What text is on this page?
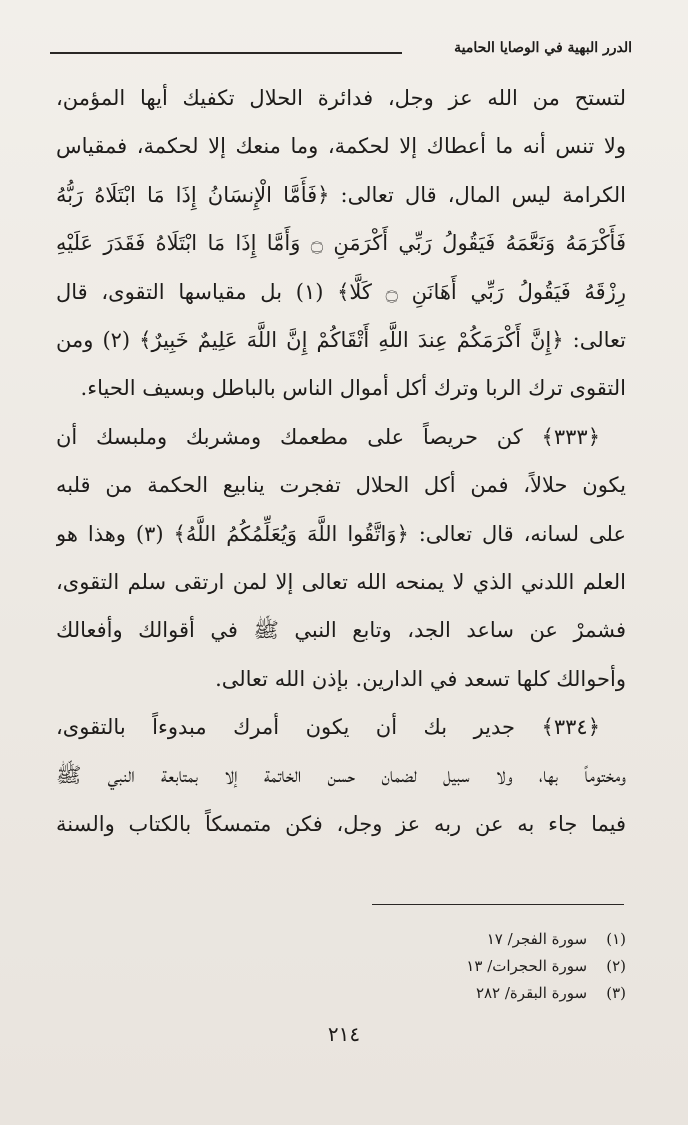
الدرر البهية في الوصايا الحامية
لتستح من الله عز وجل، فدائرة الحلال تكفيك أيها المؤمن،
ولا تنس أنه ما أعطاك إلا لحكمة، وما منعك إلا لحكمة، فمقياس
الكرامة ليس المال، قال تعالى: ﴿فَأَمَّا الْإِنسَانُ إِذَا مَا ابْتَلَاهُ رَبُّهُ
فَأَكْرَمَهُ وَنَعَّمَهُ فَيَقُولُ رَبِّي أَكْرَمَنِ ۝ وَأَمَّا إِذَا مَا ابْتَلَاهُ فَقَدَرَ عَلَيْهِ
رِزْقَهُ فَيَقُولُ رَبِّي أَهَانَنِ ۝ كَلَّا﴾ (١) بل مقياسها التقوى، قال
تعالى: ﴿إِنَّ أَكْرَمَكُمْ عِندَ اللَّهِ أَتْقَاكُمْ إِنَّ اللَّهَ عَلِيمٌ خَبِيرٌ﴾ (٢) ومن
التقوى ترك الربا وترك أكل أموال الناس بالباطل وبسيف الحياء.
﴿٣٣٣﴾ كن حريصاً على مطعمك ومشربك وملبسك أن
يكون حلالاً، فمن أكل الحلال تفجرت ينابيع الحكمة من قلبه
على لسانه، قال تعالى: ﴿وَاتَّقُوا اللَّهَ وَيُعَلِّمُكُمُ اللَّهُ﴾ (٣) وهذا هو
العلم اللدني الذي لا يمنحه الله تعالى إلا لمن ارتقى سلم التقوى،
فشمرْ عن ساعد الجد، وتابع النبي ﷺ في أقوالك وأفعالك
وأحوالك كلها تسعد في الدارين. بإذن الله تعالى.
﴿٣٣٤﴾ جدير بك أن يكون أمرك مبدوءاً بالتقوى،
ومختوماً بها، ولا سبيل لضمان حسن الخاتمة إلا بمتابعة النبي ﷺ
فيما جاء به عن ربه عز وجل، فكن متمسكاً بالكتاب والسنة
(١)    سورة الفجر/ ١٧
(٢)    سورة الحجرات/ ١٣
(٣)    سورة البقرة/ ٢٨٢
٢١٤
